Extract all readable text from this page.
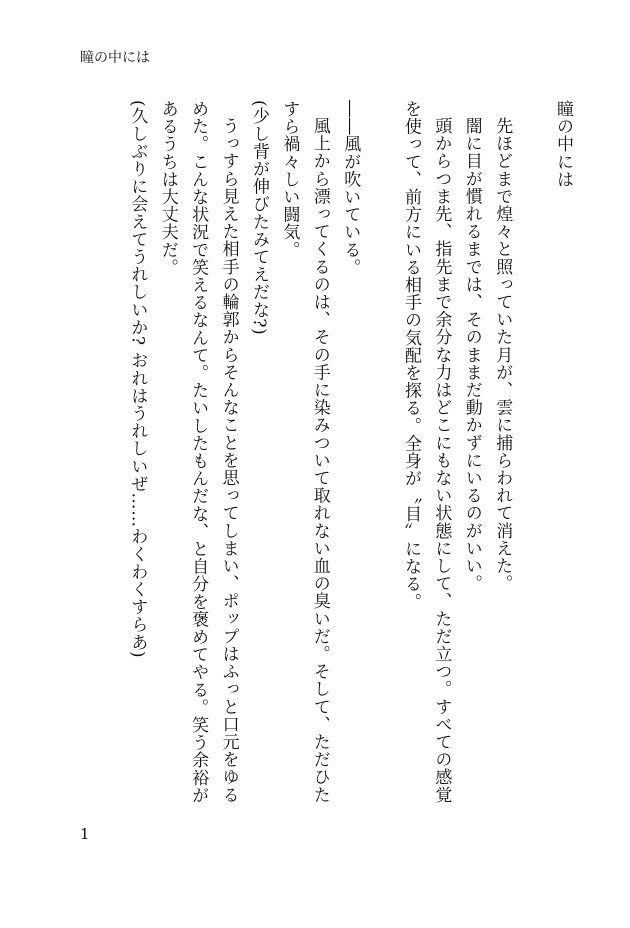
瞳の中には
瞳の中には

先ほどまで煌々と照っていた月が、雲に捕らわれて消えた。

闇に目が慣れるまでは、そのままだ動かずにいるのがいい。

頭からつま先、指先まで余分な力はどこにもない状態にして、ただ立つ。すべての感覚を使って、前方にいる相手の気配を探る。全身が〝目〟になる。

――風が吹いている。

風上から漂ってくるのは、その手に染みついて取れない血の臭いだ。そして、ただひたすら禍々しい闘気。

(少し背が伸びたみてえだな?)

うっすら見えた相手の輪郭からそんなことを思ってしまい、ポップはふっと口元をゆるめた。こんな状況で笑えるなんて。たいしたもんだな、と自分を褒めてやる。笑う余裕があるうちは大丈夫だ。

(久しぶりに会えてうれしいか? おれはうれしいぜ……わくわくすらあ)

1
